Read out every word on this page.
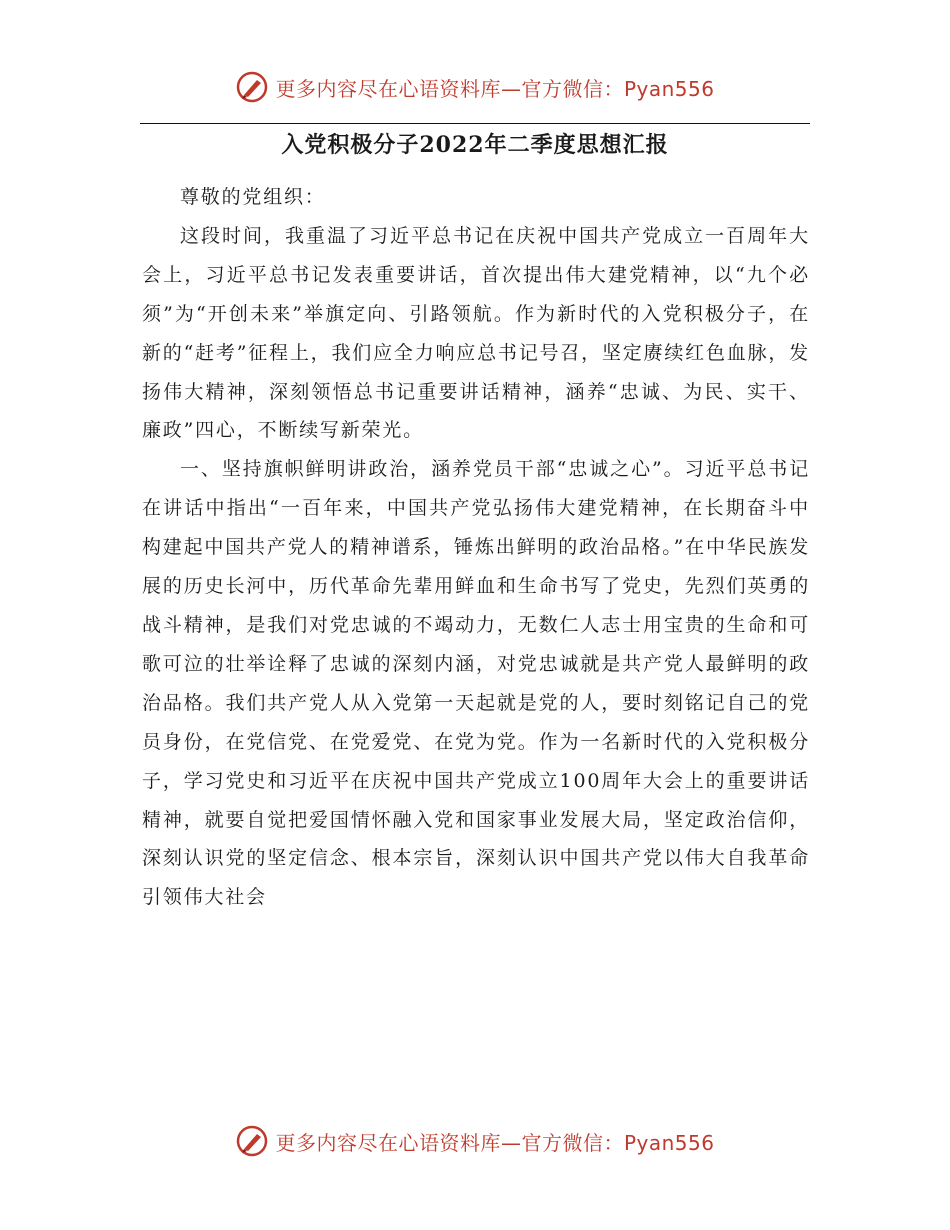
更多内容尽在心语资料库—官方微信：Pyan556
入党积极分子2022年二季度思想汇报

尊敬的党组织：

这段时间，我重温了习近平总书记在庆祝中国共产党成立一百周年大会上，习近平总书记发表重要讲话，首次提出伟大建党精神，以“九个必须”为“开创未来”举旗定向、引路领航。作为新时代的入党积极分子，在新的“赶考”征程上，我们应全力响应总书记号召，坚定赓续红色血脉，发扬伟大精神，深刻领悟总书记重要讲话精神，涵养“忠诚、为民、实干、廉政”四心，不断续写新荣光。

一、坚持旗帜鲜明讲政治，涵养党员干部“忠诚之心”。习近平总书记在讲话中指出“一百年来，中国共产党弘扬伟大建党精神，在长期奋斗中构建起中国共产党人的精神谱系，锤炼出鲜明的政治品格。”在中华民族发展的历史长河中，历代革命先辈用鲜血和生命书写了党史，先烈们英勇的战斗精神，是我们对党忠诚的不竭动力，无数仁人志士用宝贵的生命和可歌可泣的壮举诠释了忠诚的深刻内涵，对党忠诚就是共产党人最鲜明的政治品格。我们共产党人从入党第一天起就是党的人，要时刻铭记自己的党员身份，在党信党、在党爱党、在党为党。作为一名新时代的入党积极分子，学习党史和习近平在庆祝中国共产党成立100周年大会上的重要讲话精神，就要自觉把爱国情怀融入党和国家事业发展大局，坚定政治信仰，深刻认识党的坚定信念、根本宗旨，深刻认识中国共产党以伟大自我革命引领伟大社会

更多内容尽在心语资料库—官方微信：Pyan556
